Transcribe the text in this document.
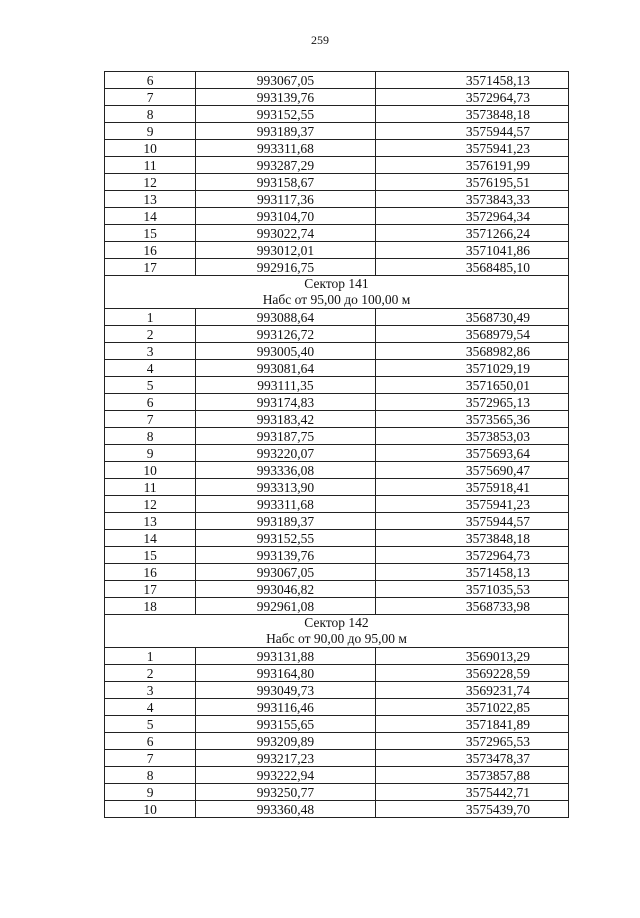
259
6	993067,05	3571458,13
7	993139,76	3572964,73
8	993152,55	3573848,18
9	993189,37	3575944,57
10	993311,68	3575941,23
11	993287,29	3576191,99
12	993158,67	3576195,51
13	993117,36	3573843,33
14	993104,70	3572964,34
15	993022,74	3571266,24
16	993012,01	3571041,86
17	992916,75	3568485,10

Сектор 141
Набс от 95,00 до 100,00 м		

1	993088,64	3568730,49
2	993126,72	3568979,54
3	993005,40	3568982,86
4	993081,64	3571029,19
5	993111,35	3571650,01
6	993174,83	3572965,13
7	993183,42	3573565,36
8	993187,75	3573853,03
9	993220,07	3575693,64
10	993336,08	3575690,47
11	993313,90	3575918,41
12	993311,68	3575941,23
13	993189,37	3575944,57
14	993152,55	3573848,18
15	993139,76	3572964,73
16	993067,05	3571458,13
17	993046,82	3571035,53
18	992961,08	3568733,98

Сектор 142
Набс от 90,00 до 95,00 м		

1	993131,88	3569013,29
2	993164,80	3569228,59
3	993049,73	3569231,74
4	993116,46	3571022,85
5	993155,65	3571841,89
6	993209,89	3572965,53
7	993217,23	3573478,37
8	993222,94	3573857,88
9	993250,77	3575442,71
10	993360,48	3575439,70
